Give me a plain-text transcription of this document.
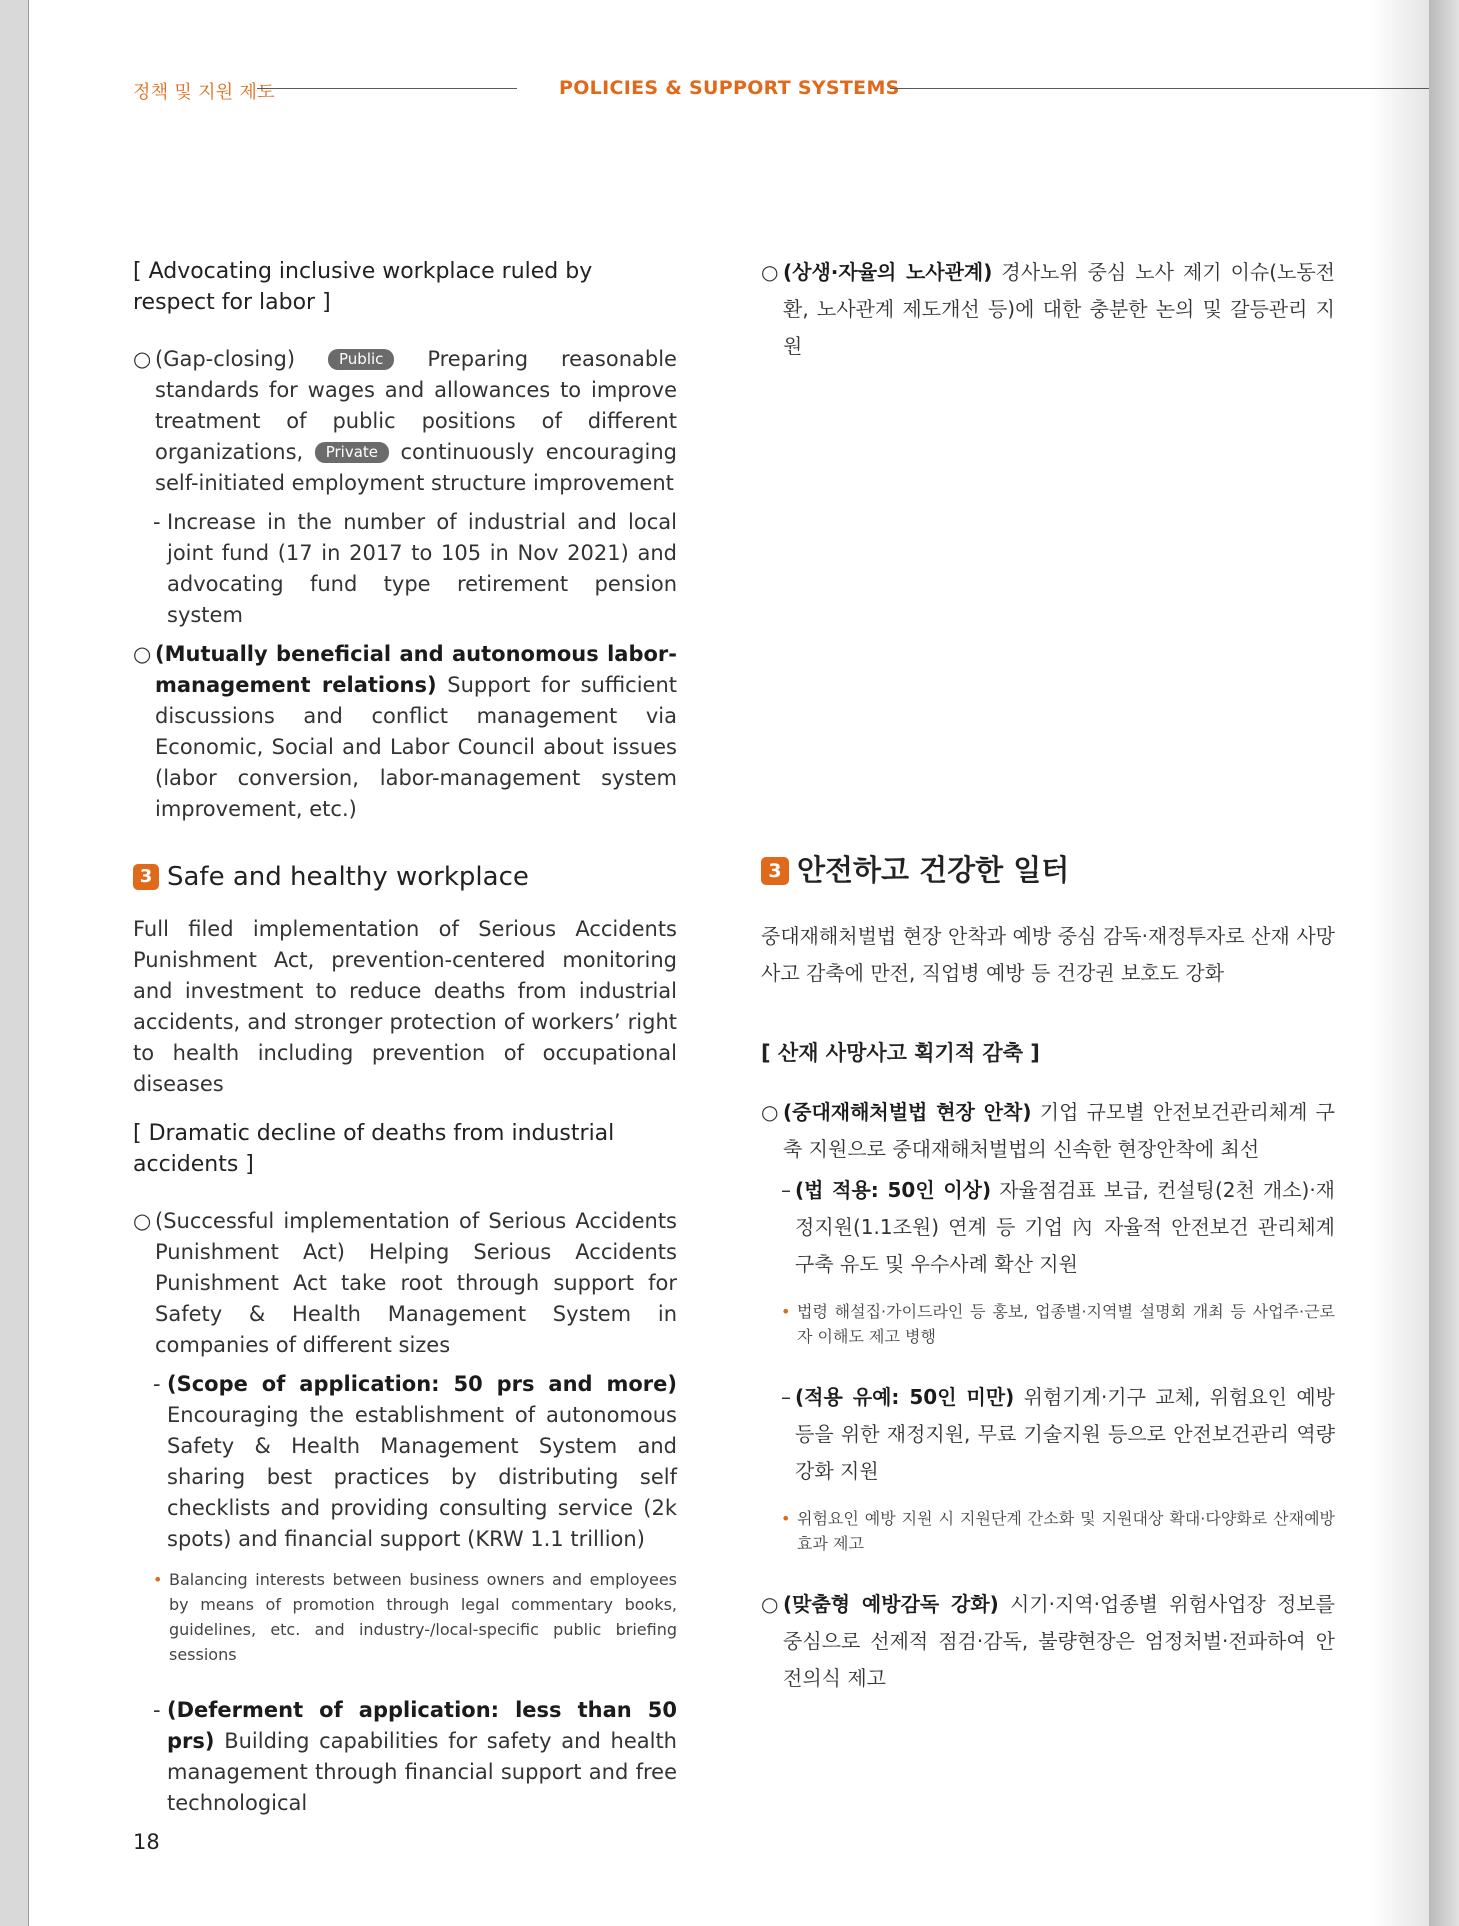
정책 및 지원 제도	POLICIES & SUPPORT SYSTEMS

[ Advocating inclusive workplace ruled by respect for labor ]

○ (Gap-closing)	Public Preparing reasonable standards for wages and allowances to improve treatment of public positions of different organizations, Private continuously encouraging self-initiated employment structure improvement

- Increase in the number of industrial and local joint fund (17 in 2017 to 105 in Nov 2021) and advocating fund type retirement pension system

○ (Mutually beneficial and autonomous labor-management relations) Support for sufficient discussions and conflict management via Economic, Social and Labor Council about issues (labor conversion, labor-management system improvement, etc.)

3 Safe and healthy workplace

Full filed implementation of Serious Accidents Punishment Act, prevention-centered monitoring and investment to reduce deaths from industrial accidents, and stronger protection of workers’ right to health including prevention of occupational diseases

[ Dramatic decline of deaths from industrial accidents ]

○ (Successful implementation of Serious Accidents Punishment Act) Helping Serious Accidents Punishment Act take root through support for Safety & Health Management System in companies of different sizes

- (Scope of application: 50 prs and more) Encouraging the establishment of autonomous Safety & Health Management System and sharing best practices by distributing self checklists and providing consulting service (2k spots) and financial support (KRW 1.1 trillion)

• Balancing interests between business owners and employees by means of promotion through legal commentary books, guidelines, etc. and industry-/local-specific public briefing sessions

- (Deferment of application: less than 50 prs) Building capabilities for safety and health management through financial support and free technological

○ (상생·자율의 노사관계) 경사노위 중심 노사 제기 이슈(노동전환, 노사관계 제도개선 등)에 대한 충분한 논의 및 갈등관리 지원

3 안전하고 건강한 일터

중대재해처벌법 현장 안착과 예방 중심 감독·재정투자로 산재 사망사고 감축에 만전, 직업병 예방 등 건강권 보호도 강화

[ 산재 사망사고 획기적 감축 ]

○ (중대재해처벌법 현장 안착) 기업 규모별 안전보건관리체계 구축 지원으로 중대재해처벌법의 신속한 현장안착에 최선

– (법 적용: 50인 이상) 자율점검표 보급, 컨설팅(2천 개소)·재정지원(1.1조원) 연계 등 기업 內 자율적 안전보건 관리체계 구축 유도 및 우수사례 확산 지원

• 법령 해설집·가이드라인 등 홍보, 업종별·지역별 설명회 개최 등 사업주·근로자 이해도 제고 병행

– (적용 유예: 50인 미만) 위험기계·기구 교체, 위험요인 예방 등을 위한 재정지원, 무료 기술지원 등으로 안전보건관리 역량 강화 지원

• 위험요인 예방 지원 시 지원단계 간소화 및 지원대상 확대·다양화로 산재예방 효과 제고

○ (맞춤형 예방감독 강화) 시기·지역·업종별 위험사업장 정보를 중심으로 선제적 점검·감독, 불량현장은 엄정처벌·전파하여 안전의식 제고

18
